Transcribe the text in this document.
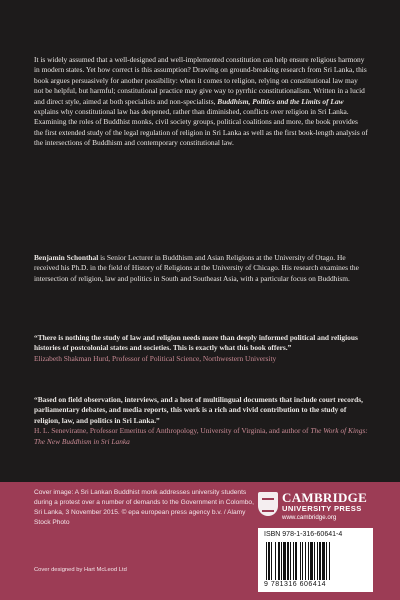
It is widely assumed that a well-designed and well-implemented constitution can help ensure religious harmony in modern states. Yet how correct is this assumption? Drawing on ground-breaking research from Sri Lanka, this book argues persuasively for another possibility: when it comes to religion, relying on constitutional law may not be helpful, but harmful; constitutional practice may give way to pyrrhic constitutionalism. Written in a lucid and direct style, aimed at both specialists and non-specialists, Buddhism, Politics and the Limits of Law explains why constitutional law has deepened, rather than diminished, conflicts over religion in Sri Lanka. Examining the roles of Buddhist monks, civil society groups, political coalitions and more, the book provides the first extended study of the legal regulation of religion in Sri Lanka as well as the first book-length analysis of the intersections of Buddhism and contemporary constitutional law.

Benjamin Schonthal is Senior Lecturer in Buddhism and Asian Religions at the University of Otago. He received his Ph.D. in the field of History of Religions at the University of Chicago. His research examines the intersection of religion, law and politics in South and Southeast Asia, with a particular focus on Buddhism.

“There is nothing the study of law and religion needs more than deeply informed political and religious histories of postcolonial states and societies. This is exactly what this book offers.”

Elizabeth Shakman Hurd, Professor of Political Science, Northwestern University

“Based on field observation, interviews, and a host of multilingual documents that include court records, parliamentary debates, and media reports, this work is a rich and vivid contribution to the study of religion, law, and politics in Sri Lanka.”

H. L. Seneviratne, Professor Emeritus of Anthropology, University of Virginia, and author of The Work of Kings: The New Buddhism in Sri Lanka

Cover image: A Sri Lankan Buddhist monk addresses university students during a protest over a number of demands to the Government in Colombo, Sri Lanka, 3 November 2015. © epa european press agency b.v. / Alamy Stock Photo
Cover designed by Hart McLeod Ltd
CAMBRIDGE
UNIVERSITY PRESS
www.cambridge.org
ISBN 978-1-316-60641-4
9 781316 606414
